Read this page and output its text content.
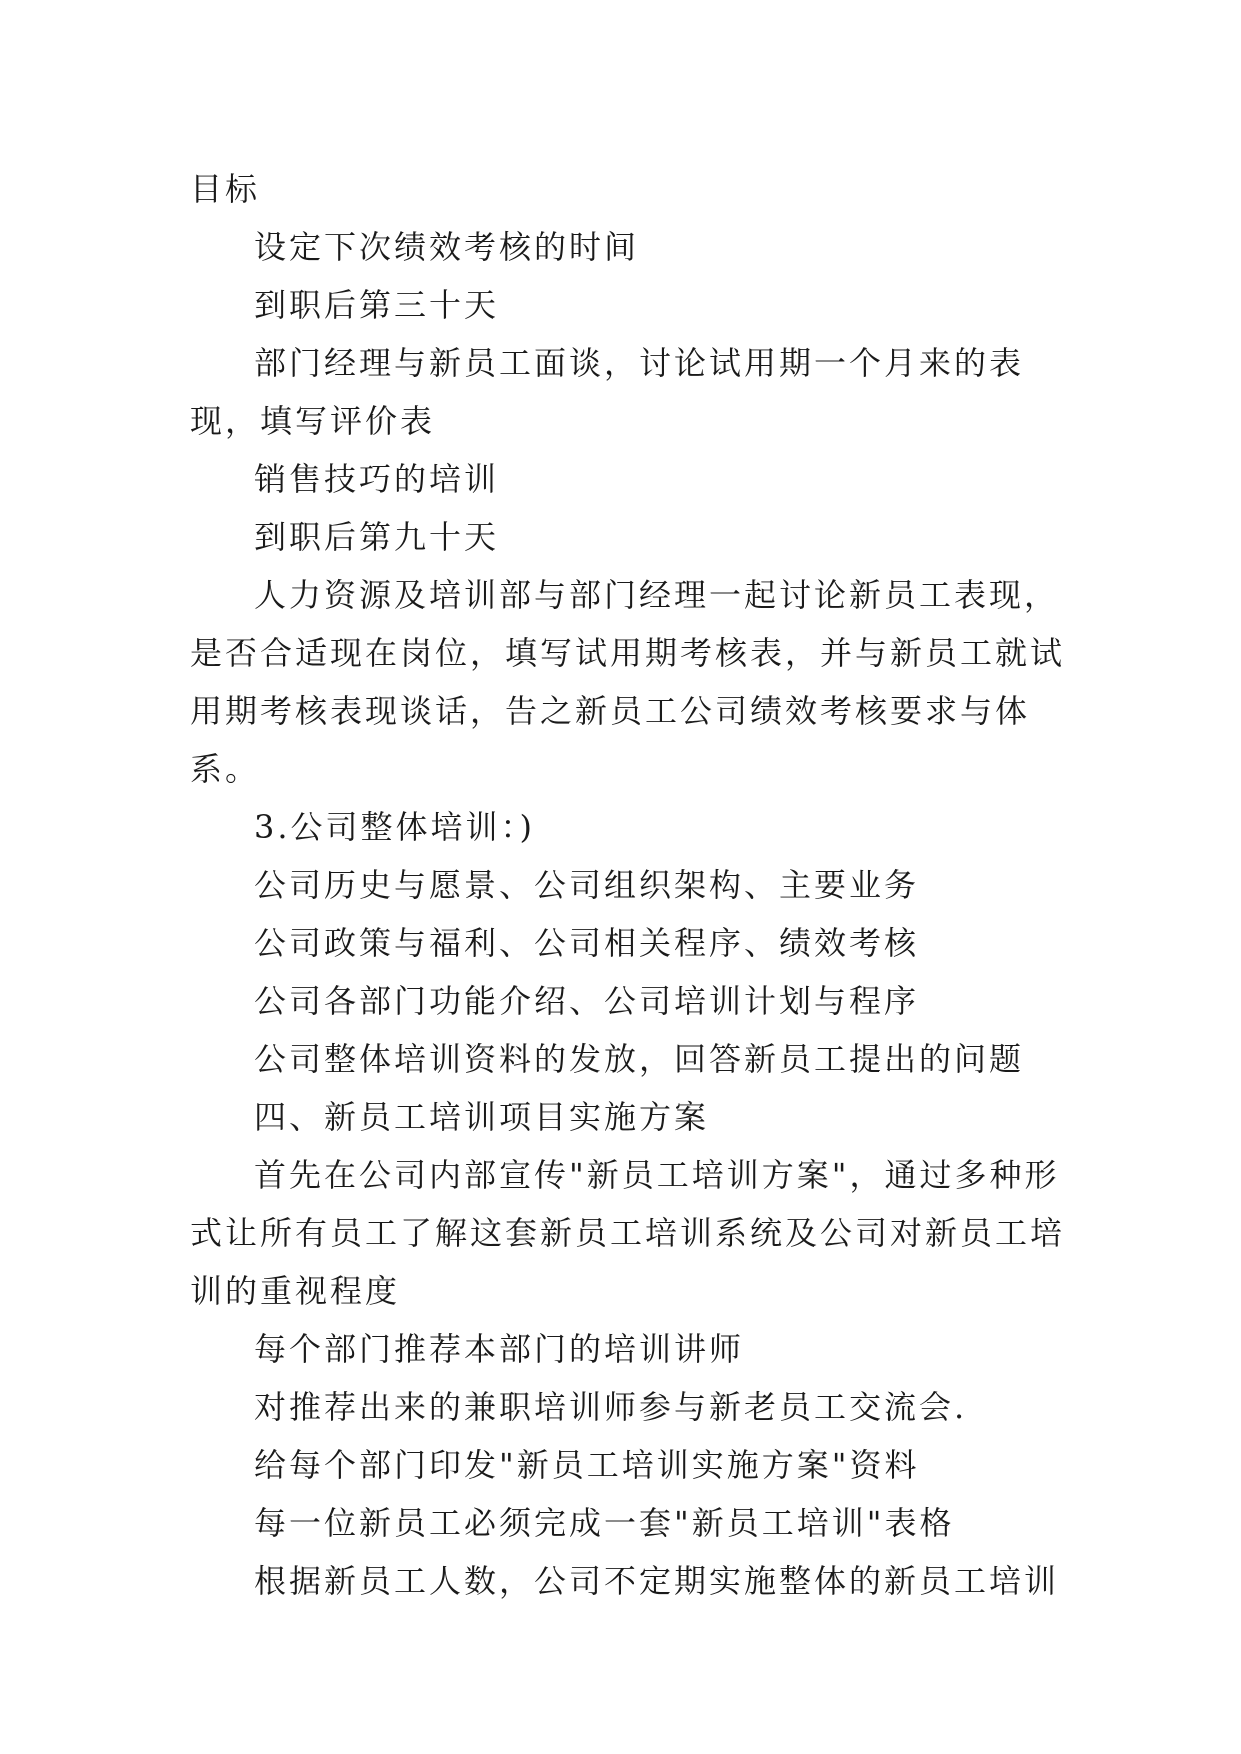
目标

设定下次绩效考核的时间

到职后第三十天

部门经理与新员工面谈，讨论试用期一个月来的表现，填写评价表

销售技巧的培训

到职后第九十天

人力资源及培训部与部门经理一起讨论新员工表现，是否合适现在岗位，填写试用期考核表，并与新员工就试用期考核表现谈话，告之新员工公司绩效考核要求与体系。

3.公司整体培训：)

公司历史与愿景、公司组织架构、主要业务

公司政策与福利、公司相关程序、绩效考核

公司各部门功能介绍、公司培训计划与程序

公司整体培训资料的发放，回答新员工提出的问题

四、新员工培训项目实施方案

首先在公司内部宣传"新员工培训方案"，通过多种形式让所有员工了解这套新员工培训系统及公司对新员工培训的重视程度

每个部门推荐本部门的培训讲师

对推荐出来的兼职培训师参与新老员工交流会.

给每个部门印发"新员工培训实施方案"资料

每一位新员工必须完成一套"新员工培训"表格

根据新员工人数，公司不定期实施整体的新员工培训
